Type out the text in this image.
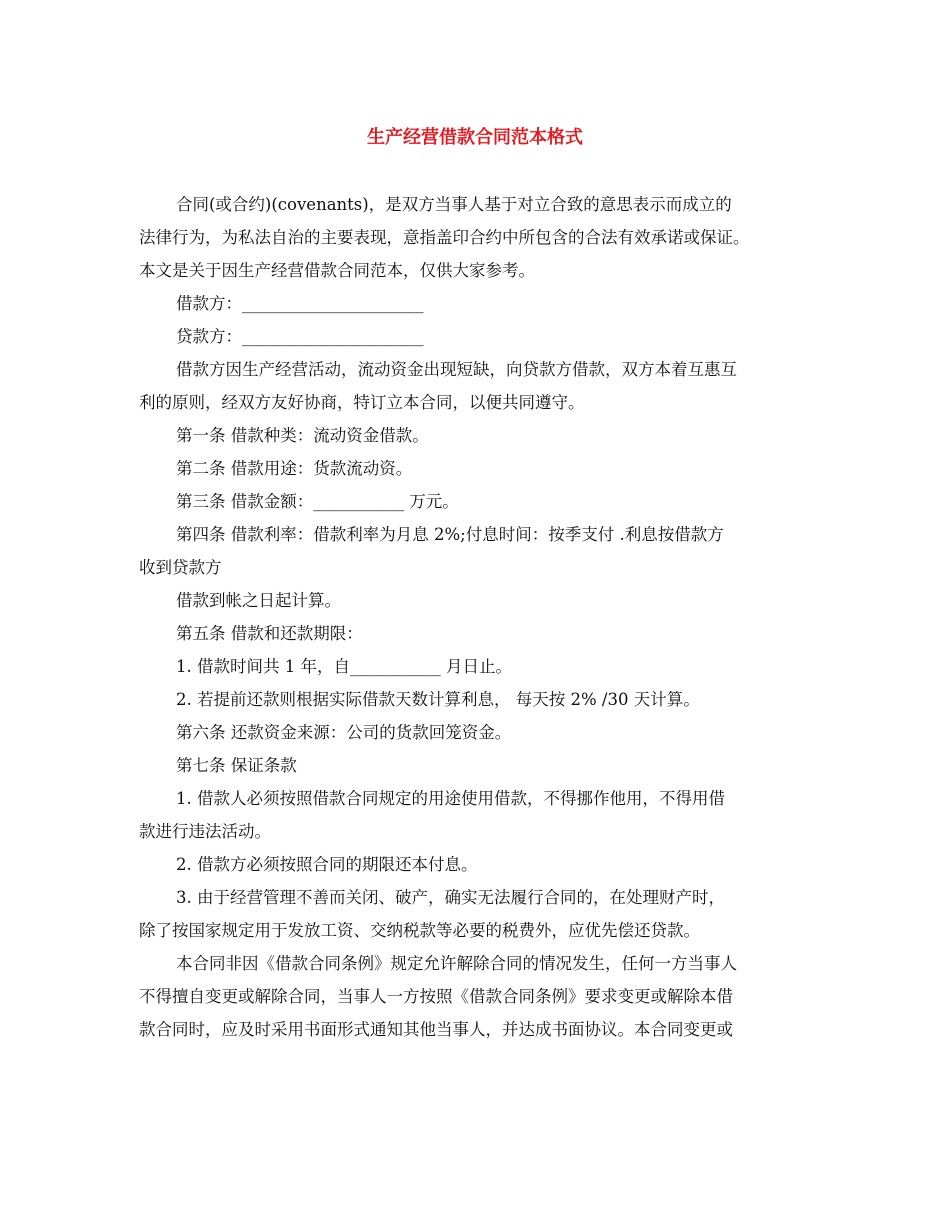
生产经营借款合同范本格式

合同(或合约)(covenants)，是双方当事人基于对立合致的意思表示而成立的

法律行为，为私法自治的主要表现，意指盖印合约中所包含的合法有效承诺或保证。

本文是关于因生产经营借款合同范本，仅供大家参考。

借款方：______________________

贷款方：______________________

借款方因生产经营活动，流动资金出现短缺，向贷款方借款，双方本着互惠互

利的原则，经双方友好协商，特订立本合同，以便共同遵守。

第一条 借款种类：流动资金借款。

第二条 借款用途：货款流动资。

第三条 借款金额：___________ 万元。

第四条 借款利率：借款利率为月息 2%;付息时间：按季支付 .利息按借款方

收到贷款方

借款到帐之日起计算。

第五条 借款和还款期限：

1. 借款时间共 1 年，自___________ 月日止。

2. 若提前还款则根据实际借款天数计算利息， 每天按 2% /30 天计算。

第六条 还款资金来源：公司的货款回笼资金。

第七条 保证条款

1. 借款人必须按照借款合同规定的用途使用借款，不得挪作他用，不得用借

款进行违法活动。

2. 借款方必须按照合同的期限还本付息。

3. 由于经营管理不善而关闭、破产，确实无法履行合同的，在处理财产时，

除了按国家规定用于发放工资、交纳税款等必要的税费外，应优先偿还贷款。

本合同非因《借款合同条例》规定允许解除合同的情况发生，任何一方当事人

不得擅自变更或解除合同，当事人一方按照《借款合同条例》要求变更或解除本借

款合同时，应及时采用书面形式通知其他当事人，并达成书面协议。本合同变更或
